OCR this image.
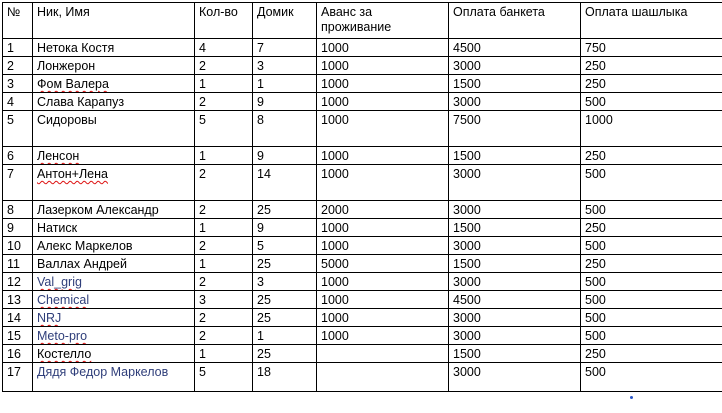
№	Ник, Имя	Кол-во	Домик	Аванс за проживание	Оплата банкета	Оплата шашлыка
1	Нетока Костя	4	7	1000	4500	750
2	Лонжерон	2	3	1000	3000	250
3	Фом Валера	1	1	1000	1500	250
4	Слава Карапуз	2	9	1000	3000	500
5	Сидоровы	5	8	1000	7500	1000
6	Ленсон	1	9	1000	1500	250
7	Антон+Лена	2	14	1000	3000	500
8	Лазерком Александр	2	25	2000	3000	500
9	Натиск	1	9	1000	1500	250
10	Алекс Маркелов	2	5	1000	3000	500
11	Валлах Андрей	1	25	5000	1500	250
12	Val_grig	2	3	1000	3000	500
13	Chemical	3	25	1000	4500	500
14	NRJ	2	25	1000	3000	500
15	Meto-pro	2	1	1000	3000	500
16	Костелло	1	25		1500	250
17	Дядя Федор Маркелов	5	18		3000	500
